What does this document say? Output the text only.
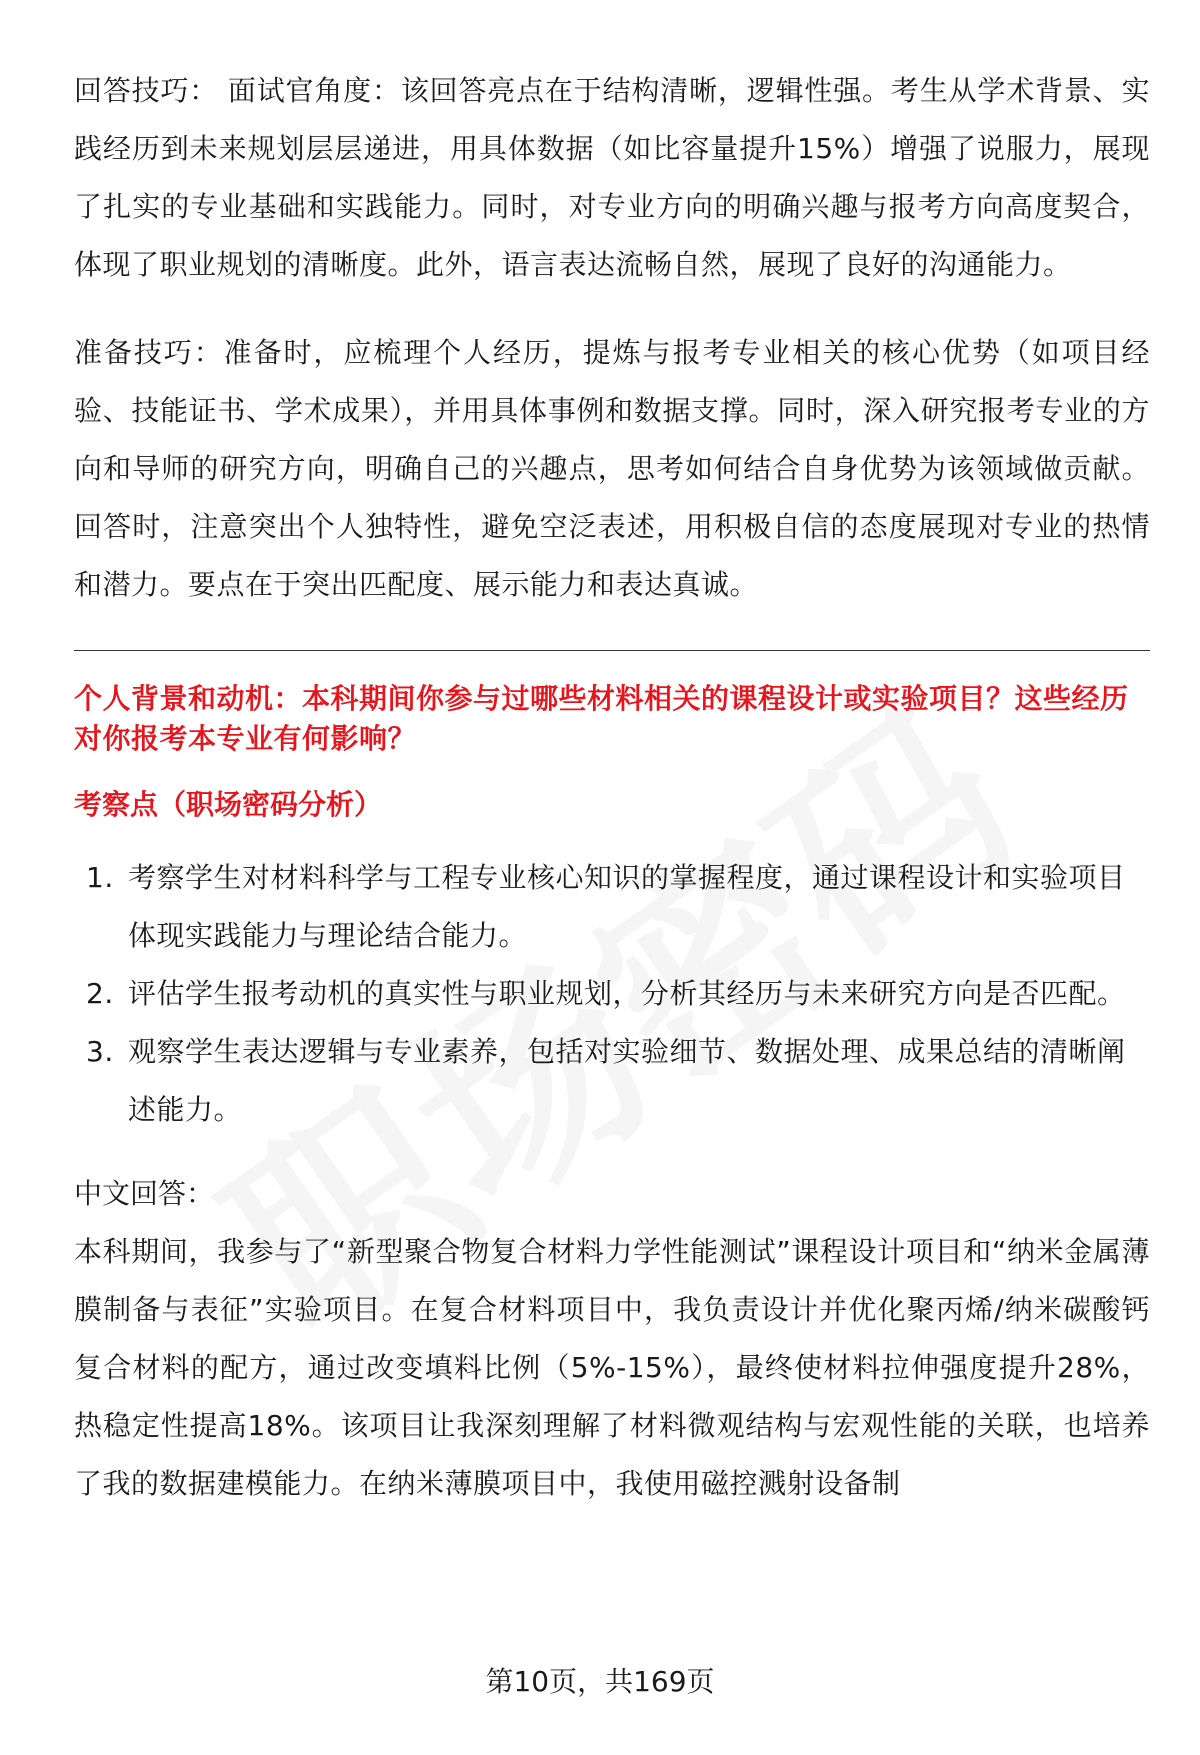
回答技巧： 面试官角度：该回答亮点在于结构清晰，逻辑性强。考生从学术背景、实践经历到未来规划层层递进，用具体数据（如比容量提升15%）增强了说服力，展现了扎实的专业基础和实践能力。同时，对专业方向的明确兴趣与报考方向高度契合，体现了职业规划的清晰度。此外，语言表达流畅自然，展现了良好的沟通能力。

准备技巧：准备时，应梳理个人经历，提炼与报考专业相关的核心优势（如项目经验、技能证书、学术成果），并用具体事例和数据支撑。同时，深入研究报考专业的方向和导师的研究方向，明确自己的兴趣点，思考如何结合自身优势为该领域做贡献。回答时，注意突出个人独特性，避免空泛表述，用积极自信的态度展现对专业的热情和潜力。要点在于突出匹配度、展示能力和表达真诚。

个人背景和动机：本科期间你参与过哪些材料相关的课程设计或实验项目？这些经历对你报考本专业有何影响？

考察点（职场密码分析）

1. 考察学生对材料科学与工程专业核心知识的掌握程度，通过课程设计和实验项目体现实践能力与理论结合能力。
2. 评估学生报考动机的真实性与职业规划，分析其经历与未来研究方向是否匹配。
3. 观察学生表达逻辑与专业素养，包括对实验细节、数据处理、成果总结的清晰阐述能力。

中文回答：

本科期间，我参与了“新型聚合物复合材料力学性能测试”课程设计项目和“纳米金属薄膜制备与表征”实验项目。在复合材料项目中，我负责设计并优化聚丙烯/纳米碳酸钙复合材料的配方，通过改变填料比例（5%-15%），最终使材料拉伸强度提升28%，热稳定性提高18%。该项目让我深刻理解了材料微观结构与宏观性能的关联，也培养了我的数据建模能力。在纳米薄膜项目中，我使用磁控溅射设备制

第10页，共169页
